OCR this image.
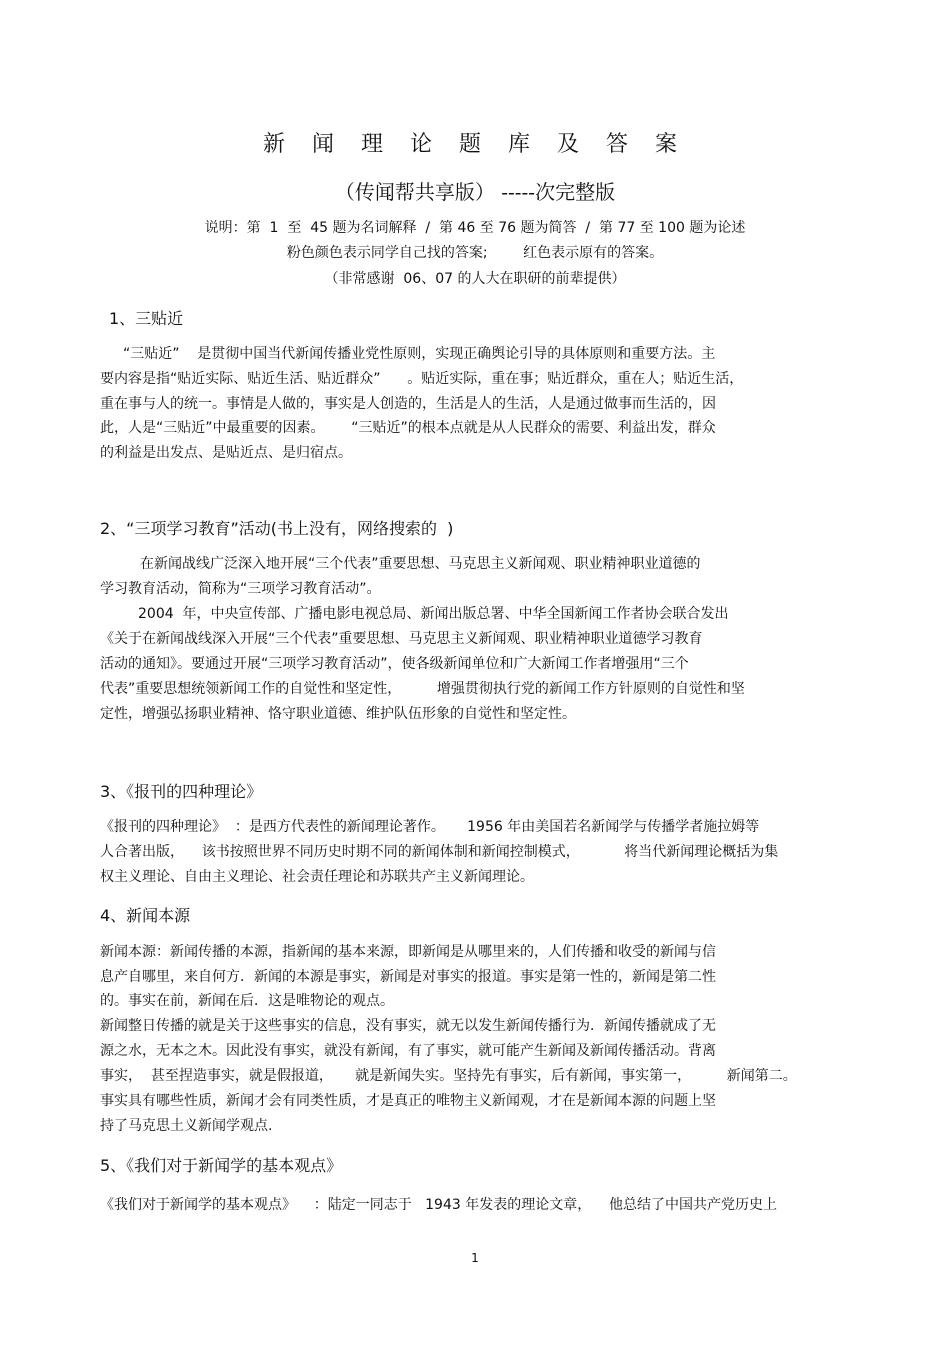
新 闻 理 论 题 库 及 答 案
（传闻帮共享版） -----次完整版
说明：第  1  至  45 题为名词解释  /  第 46 至 76 题为简答  /  第 77 至 100 题为论述
粉色颜色表示同学自己找的答案;        红色表示原有的答案。
（非常感谢  06、07 的人大在职研的前辈提供）
1、三贴近
“三贴近”    是贯彻中国当代新闻传播业党性原则，实现正确舆论引导的具体原则和重要方法。主
要内容是指“贴近实际、贴近生活、贴近群众”      。贴近实际，重在事；贴近群众，重在人；贴近生活，
重在事与人的统一。事情是人做的，事实是人创造的，生活是人的生活，人是通过做事而生活的，因
此，人是“三贴近”中最重要的因素。      “三贴近”的根本点就是从人民群众的需要、利益出发，群众
的利益是出发点、是贴近点、是归宿点。
2、“三项学习教育”活动(书上没有，网络搜索的  )
在新闻战线广泛深入地开展“三个代表”重要思想、马克思主义新闻观、职业精神职业道德的
学习教育活动，简称为“三项学习教育活动”。
2004  年，中央宣传部、广播电影电视总局、新闻出版总署、中华全国新闻工作者协会联合发出
《关于在新闻战线深入开展“三个代表”重要思想、马克思主义新闻观、职业精神职业道德学习教育
活动的通知》。要通过开展“三项学习教育活动”，使各级新闻单位和广大新闻工作者增强用“三个
代表”重要思想统领新闻工作的自觉性和坚定性，        增强贯彻执行党的新闻工作方针原则的自觉性和坚
定性，增强弘扬职业精神、恪守职业道德、维护队伍形象的自觉性和坚定性。
3、《报刊的四种理论》
《报刊的四种理论》  ：是西方代表性的新闻理论著作。     1956 年由美国若名新闻学与传播学者施拉姆等
人合著出版，    该书按照世界不同历史时期不同的新闻体制和新闻控制模式，          将当代新闻理论概括为集
权主义理论、自由主义理论、社会责任理论和苏联共产主义新闻理论。
4、新闻本源
新闻本源：新闻传播的本源，指新闻的基本来源，即新闻是从哪里来的，人们传播和收受的新闻与信
息产自哪里，来自何方．新闻的本源是事实，新闻是对事实的报道。事实是第一性的，新闻是第二性
的。事实在前，新闻在后．这是唯物论的观点。
新闻整日传播的就是关于这些事实的信息，没有事实，就无以发生新闻传播行为．新闻传播就成了无
源之水，无本之木。因此没有事实，就没有新闻，有了事实，就可能产生新闻及新闻传播活动。背离
事实，  甚至捏造事实，就是假报道，     就是新闻失实。坚持先有事实，后有新闻，事实第一，        新闻第二。
事实具有哪些性质，新闻才会有同类性质，才是真正的唯物主义新闻观，才在是新闻本源的问题上坚
持了马克思土义新闻学观点.
5、《我们对于新闻学的基本观点》
《我们对于新闻学的基本观点》    ：陆定一同志于   1943 年发表的理论文章，    他总结了中国共产党历史上
1
